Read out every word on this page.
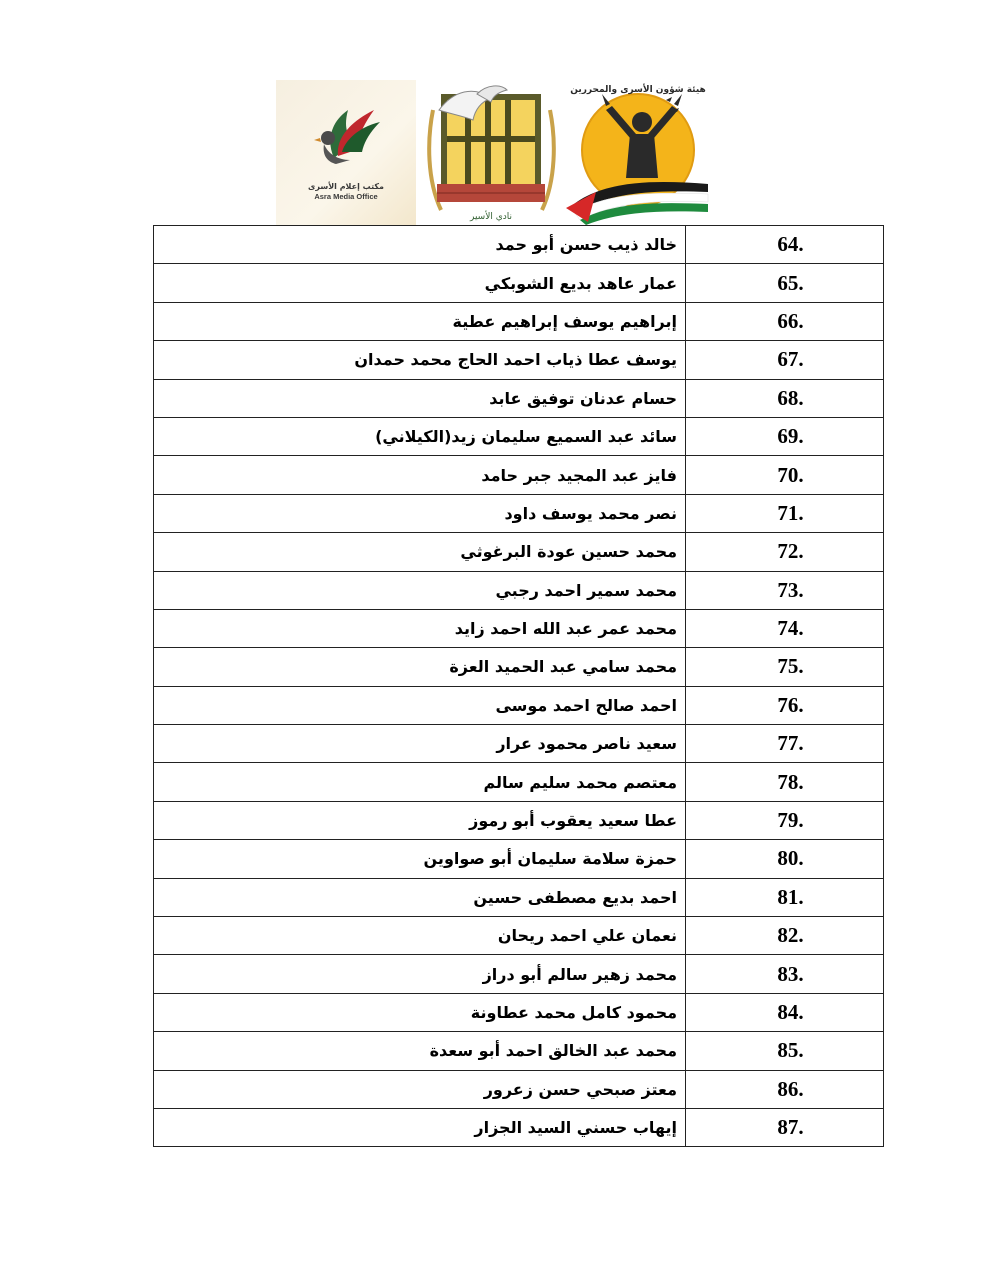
مكتب إعلام الأسرى
Asra Media Office
نادي الأسير
هيئة شؤون الأسرى والمحررين
خالد ذيب حسن أبو حمد	64.
عمار عاهد بديع الشوبكي	65.
إبراهيم يوسف إبراهيم عطية	66.
يوسف عطا ذياب احمد الحاج محمد حمدان	67.
حسام عدنان توفيق عابد	68.
سائد عبد السميع سليمان زيد(الكيلاني)	69.
فايز عبد المجيد جبر حامد	70.
نصر محمد يوسف داود	71.
محمد حسين عودة البرغوثي	72.
محمد سمير احمد رجبي	73.
محمد عمر عبد الله احمد زايد	74.
محمد سامي عبد الحميد العزة	75.
احمد صالح احمد موسى	76.
سعيد ناصر محمود عرار	77.
معتصم محمد سليم سالم	78.
عطا سعيد يعقوب أبو رموز	79.
حمزة سلامة سليمان أبو صواوين	80.
احمد بديع مصطفى حسين	81.
نعمان علي احمد ريحان	82.
محمد زهير سالم أبو دراز	83.
محمود كامل محمد عطاونة	84.
محمد عبد الخالق احمد أبو سعدة	85.
معتز صبحي حسن زعرور	86.
إيهاب حسني السيد الجزار	87.
